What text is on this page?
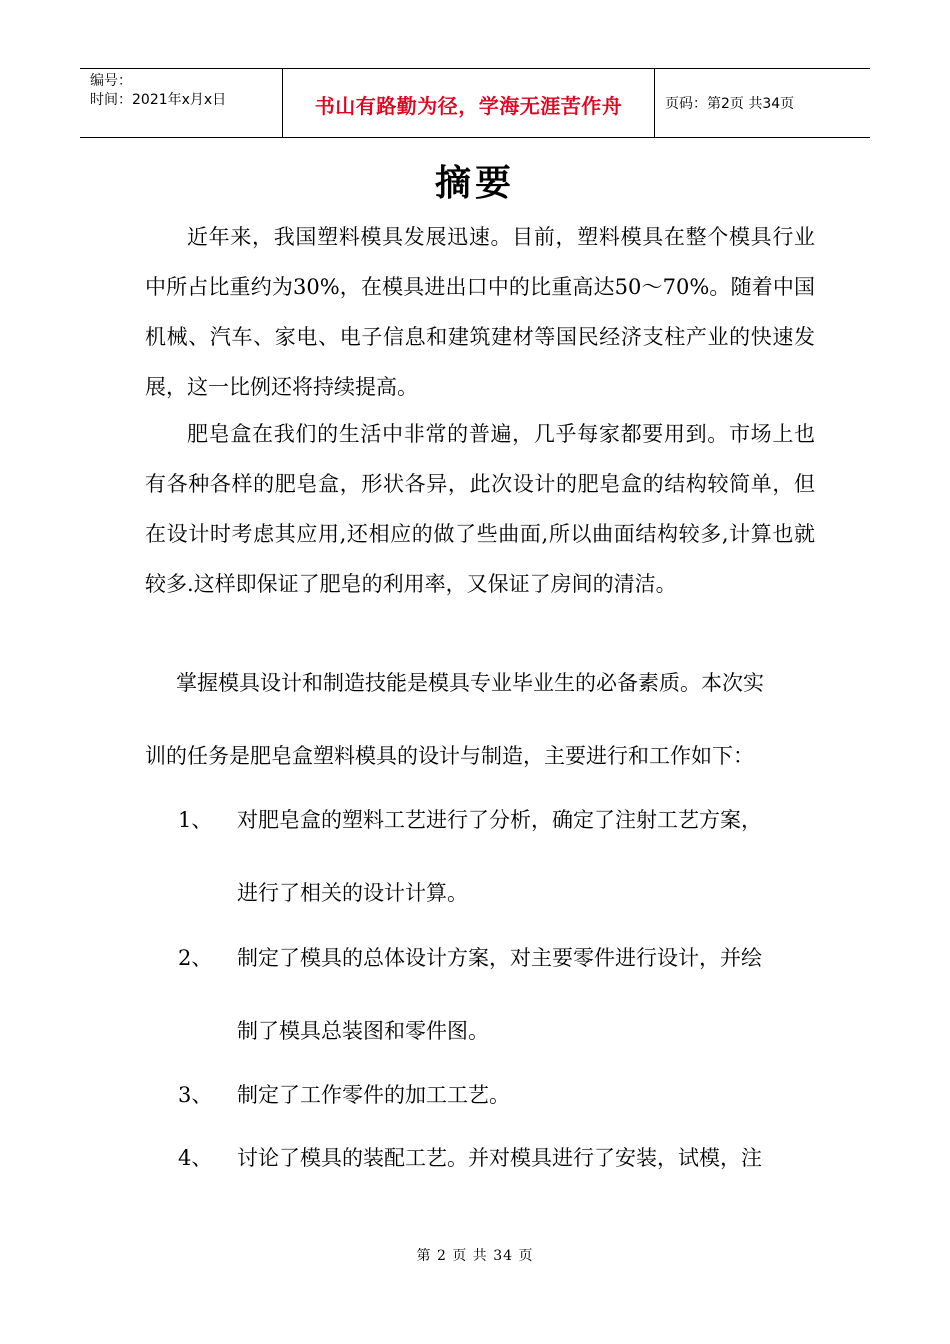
编号：
时间：2021年x月x日	书山有路勤为径，学海无涯苦作舟	页码：第2页 共34页
摘要

近年来，我国塑料模具发展迅速。目前，塑料模具在整个模具行业中所占比重约为30%，在模具进出口中的比重高达50～70%。随着中国机械、汽车、家电、电子信息和建筑建材等国民经济支柱产业的快速发展，这一比例还将持续提高。

肥皂盒在我们的生活中非常的普遍，几乎每家都要用到。市场上也有各种各样的肥皂盒，形状各异，此次设计的肥皂盒的结构较简单，但在设计时考虑其应用,还相应的做了些曲面,所以曲面结构较多,计算也就较多.这样即保证了肥皂的利用率，又保证了房间的清洁。

掌握模具设计和制造技能是模具专业毕业生的必备素质。本次实

训的任务是肥皂盒塑料模具的设计与制造，主要进行和工作如下：

1、 对肥皂盒的塑料工艺进行了分析，确定了注射工艺方案，
进行了相关的设计计算。
2、 制定了模具的总体设计方案，对主要零件进行设计，并绘
制了模具总装图和零件图。
3、 制定了工作零件的加工工艺。
4、 讨论了模具的装配工艺。并对模具进行了安装，试模，注
第 2 页 共 34 页
